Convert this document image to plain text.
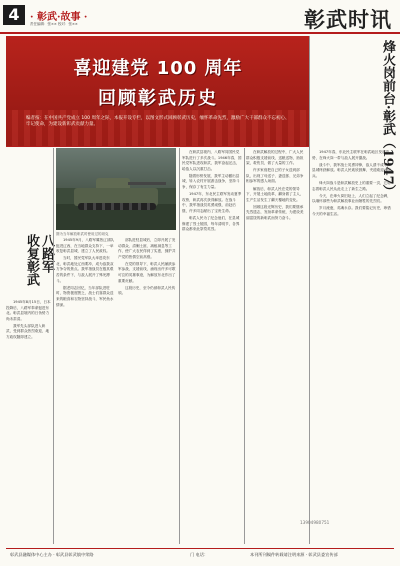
4	· 彰武·故事 ·
责任编辑：张×× 校对：张××	彰武时讯
喜迎建党 100 周年
回顾彰武历史
编者按：在中国共产党成立 100 周年之际，本报开设专栏，以图文形式回顾彰武历史，缅怀革命先烈，激励广大干部群众不忘初心、牢记使命，为建设新彰武贡献力量。	烽火岗前台·彰武（1947）
八路军
收复彰武	图为当年解放彰武时使用过的坦克

1945年8月15日，日本投降后，八路军奉命挺进东北。彰武县境内的日伪势力尚未肃清。

我军先头部队进入彰武，受到群众热烈欢迎，地方政权随即建立。

1945年9月，八路军冀热辽部队挺进辽西，在当地群众支持下，一举收复彰武县城，建立了人民政权。

当时，国民党军队大举进攻东北，彰武地处辽西要冲，成为敌我双方争夺的焦点。我军指战员在极其艰苦的条件下，与敌人展开了殊死搏斗。

据老同志回忆，当年部队进驻时，物资极度匮乏，战士们靠群众送来的粮食和衣物坚持战斗，军民鱼水情深。

部队进驻县城后，立即开展了发动群众、清剿土匪、减租减息等工作，使广大农民得到了实惠，拥护共产党的热情空前高涨。

在党的领导下，彰武人民踊跃参军参战，支援前线，涌现出许多可歌可泣的英雄事迹，为解放东北作出了重要贡献。

这段历史，至今仍被彰武人民传颂。

在彰武县境内，八路军同国民党军队进行了多次战斗。1946年春，国民党军队进攻彰武，我军奋起还击，给敌人以沉重打击。

随着形势发展，我军主动撤出县城，转入农村开展游击战争，坚持斗争，保存了有生力量。

1947年，东北民主联军发动夏季攻势，彰武再次获得解放。在战斗中，我军指战员英勇顽强，前赴后继，许多同志献出了宝贵生命。

彰武人民为了纪念他们，在县城修建了烈士陵园，每年清明节，各界群众都来此祭奠英烈。

在彰武解放的过程中，广大人民群众积极支援前线，送粮送物，抬担架，救伤员，做了大量的工作。

许多家庭把自己的子女送到部队，出现了母送子、妻送郎、兄弟争相参军的感人场面。

解放后，彰武人民在党的领导下，开展土地改革，翻身做了主人，生产生活发生了翻天覆地的变化。

回顾这段光辉历史，我们要继承先烈遗志，发扬革命传统，为建设美丽富饶的新彰武而努力奋斗。

1947年春，东北民主联军在彰武地区发起攻势，在烽火岗一带与敌人展开激战。

战斗中，我军战士英勇冲锋，敌人溃不成军，县城终获解放。彰武人民欢欣鼓舞，夹道欢迎子弟兵。

烽火岗战斗是彰武解放史上的重要一页，它标志着彰武人民从此走上了新生之路。

今天，在烽火岗旧址上，人们立起了纪念碑，以缅怀那些为彰武解放事业而牺牲的先烈们。

岁月流逝，英魂永存。我们要铭记历史，珍惜今天的幸福生活。

13904980751
彰武县融媒体中心主办 · 彰武县彰武镇中荣路	门 电话：	本刊所刊稿件转载请注明来源 · 彰武县委宣传部
